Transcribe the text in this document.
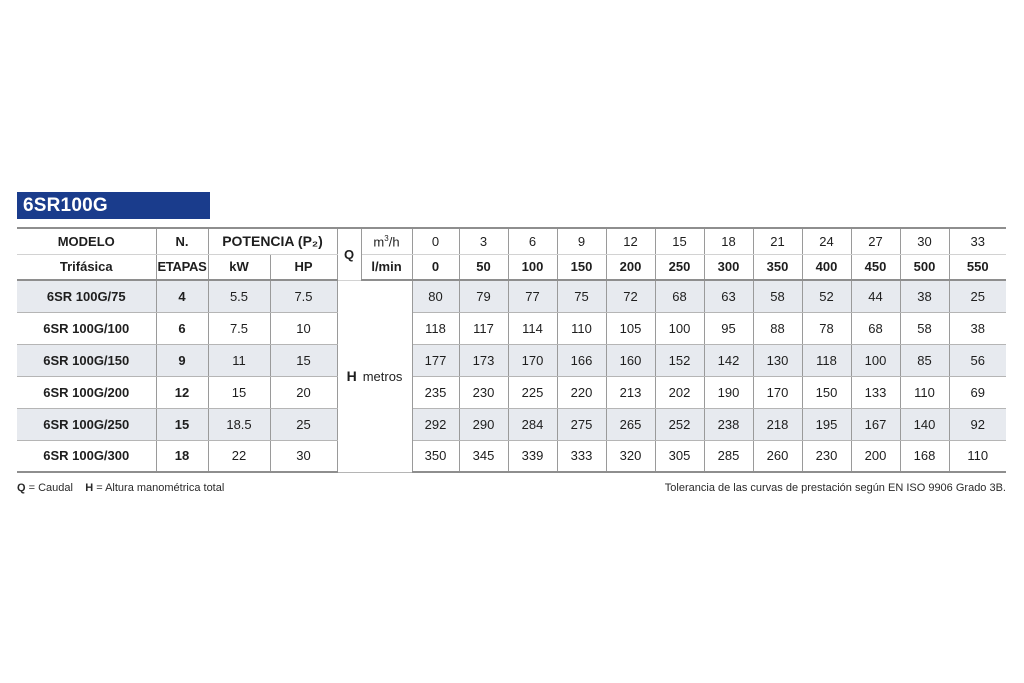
6SR100G
MODELO	N.	POTENCIA (P₂)		Q	$m^3/h$	0	3	6	9	12	15	18	21	24	27	30	33
Trifásica	ETAPAS	kW	HP		l/min	0	50	100	150	200	250	300	350	400	450	500	550
6SR 100G/75	4	5.5	7.5	H metros		80	79	77	75	72	68	63	58	52	44	38	25
6SR 100G/100	6	7.5	10			118	117	114	110	105	100	95	88	78	68	58	38
6SR 100G/150	9	11	15			177	173	170	166	160	152	142	130	118	100	85	56
6SR 100G/200	12	15	20			235	230	225	220	213	202	190	170	150	133	110	69
6SR 100G/250	15	18.5	25			292	290	284	275	265	252	238	218	195	167	140	92
6SR 100G/300	18	22	30			350	345	339	333	320	305	285	260	230	200	168	110
Q = Caudal H = Altura manométrica total	Tolerancia de las curvas de prestación según EN ISO 9906 Grado 3B.
